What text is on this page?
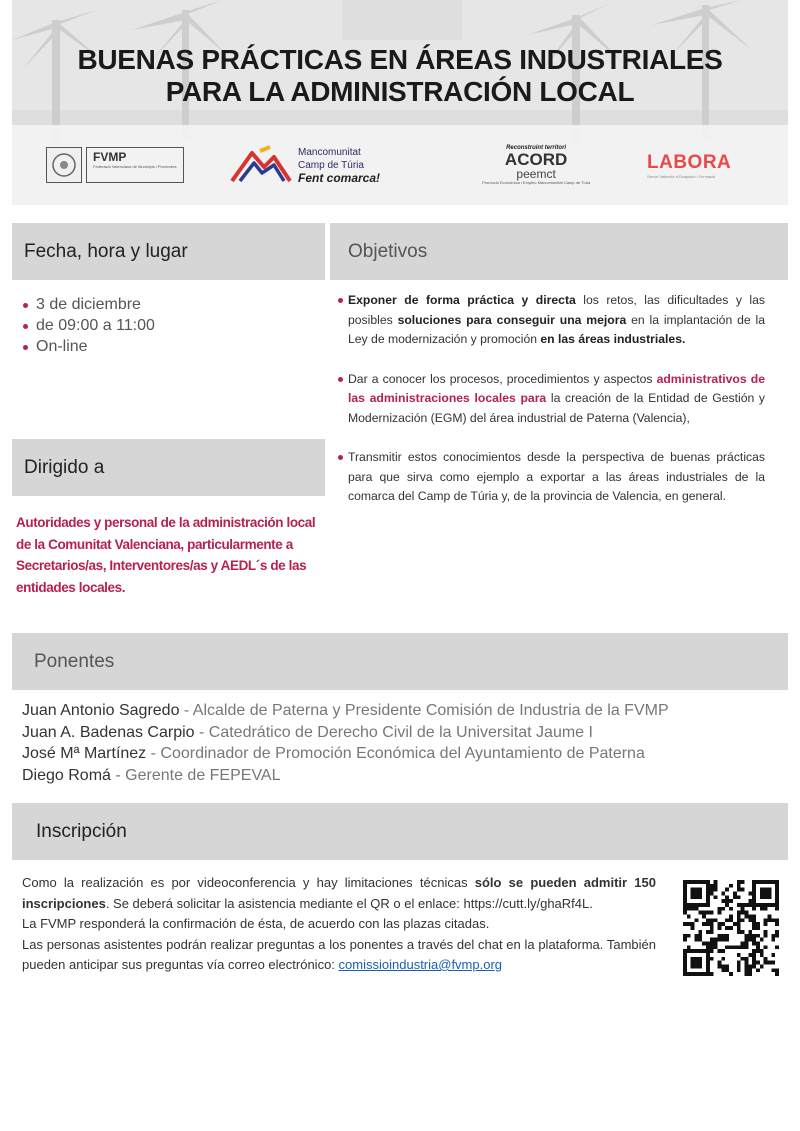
BUENAS PRÁCTICAS EN ÁREAS INDUSTRIALES
PARA LA ADMINISTRACIÓN LOCAL
FVMP
Federació Valenciana de Municipis i Províncies
Mancomunitat
Camp de Túria
Fent comarca!
Reconstruint territori
ACORD
peemct
Promoció Econòmica i Empleo Mancomunitat Camp de Túria
LABORA
Servei Valencià d'Ocupació i Formació
Fecha, hora y lugar
3 de diciembre
de 09:00 a 11:00
On-line
Objetivos
Exponer de forma práctica y directa los retos, las dificultades y las posibles soluciones para conseguir una mejora en la implantación de la Ley de modernización y promoción en las áreas industriales.
Dar a conocer los procesos, procedimientos y aspectos administrativos de las administraciones locales para la creación de la Entidad de Gestión y Modernización (EGM) del área industrial de Paterna (Valencia),
Transmitir estos conocimientos desde la perspectiva de buenas prácticas para que sirva como ejemplo a exportar a las áreas industriales de la comarca del Camp de Túria y, de la provincia de Valencia, en general.
Dirigido a
Autoridades y personal de la administración local de la Comunitat Valenciana, particularmente a Secretarios/as, Interventores/as y AEDL´s de las entidades locales.
Ponentes
Juan Antonio Sagredo - Alcalde de Paterna y Presidente Comisión de Industria de la FVMP
Juan A. Badenas Carpio - Catedrático de Derecho Civil de la Universitat Jaume I
José Mª Martínez - Coordinador de Promoción Económica del Ayuntamiento de Paterna
Diego Romá - Gerente de FEPEVAL
Inscripción

Como la realización es por videoconferencia y hay limitaciones técnicas sólo se pueden admitir 150 inscripciones. Se deberá solicitar la asistencia mediante el QR o el enlace: https://cutt.ly/ghaRf4L.

La FVMP responderá la confirmación de ésta, de acuerdo con las plazas citadas.

Las personas asistentes podrán realizar preguntas a los ponentes a través del chat en la plataforma. También pueden anticipar sus preguntas vía correo electrónico: comissioindustria@fvmp.org
